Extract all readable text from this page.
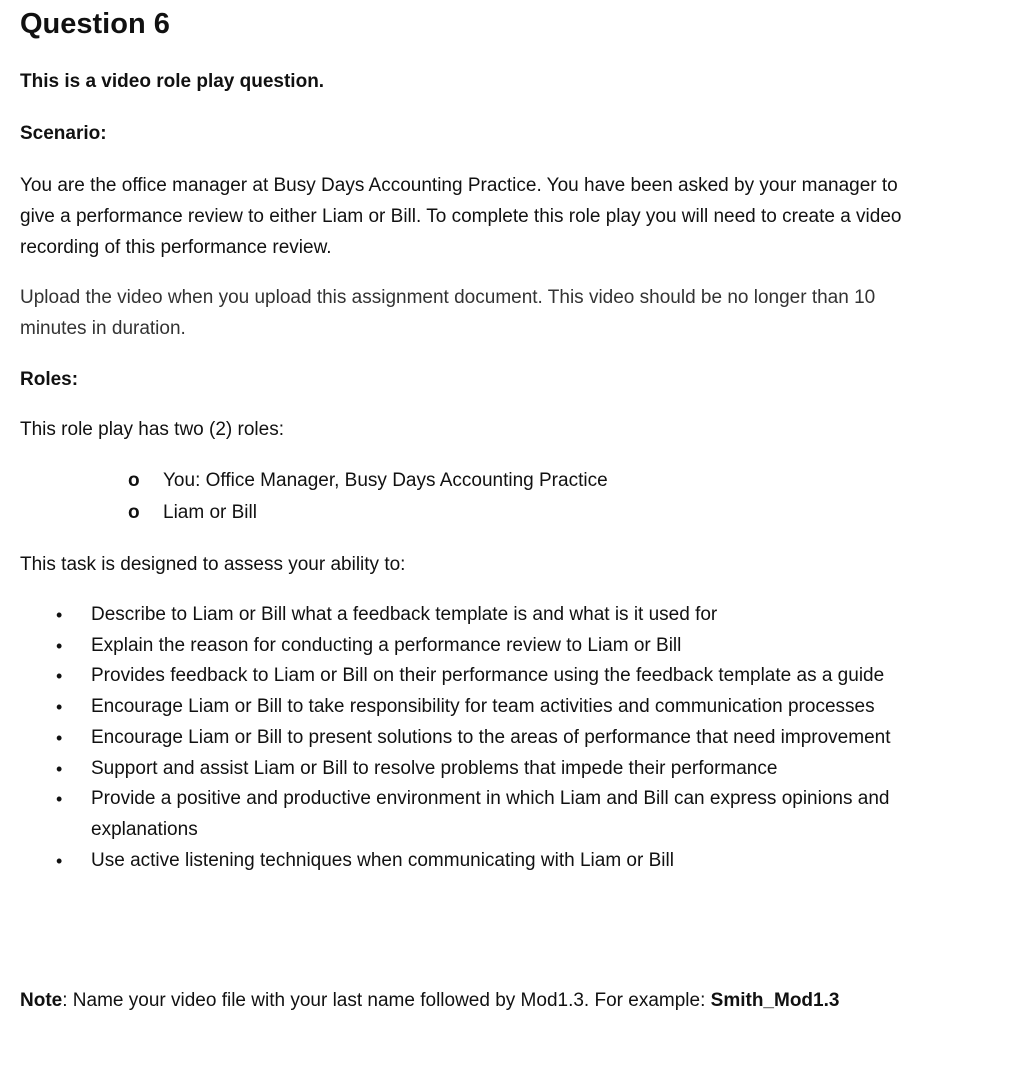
Question 6

This is a video role play question.

Scenario:

You are the office manager at Busy Days Accounting Practice. You have been asked by your manager to give a performance review to either Liam or Bill. To complete this role play you will need to create a video recording of this performance review.

Upload the video when you upload this assignment document. This video should be no longer than 10 minutes in duration.

Roles:

This role play has two (2) roles:

o You: Office Manager, Busy Days Accounting Practice
o Liam or Bill

This task is designed to assess your ability to:

• Describe to Liam or Bill what a feedback template is and what is it used for
• Explain the reason for conducting a performance review to Liam or Bill
• Provides feedback to Liam or Bill on their performance using the feedback template as a guide
• Encourage Liam or Bill to take responsibility for team activities and communication processes
• Encourage Liam or Bill to present solutions to the areas of performance that need improvement
• Support and assist Liam or Bill to resolve problems that impede their performance
• Provide a positive and productive environment in which Liam and Bill can express opinions and explanations
• Use active listening techniques when communicating with Liam or Bill

Note: Name your video file with your last name followed by Mod1.3. For example: Smith_Mod1.3
